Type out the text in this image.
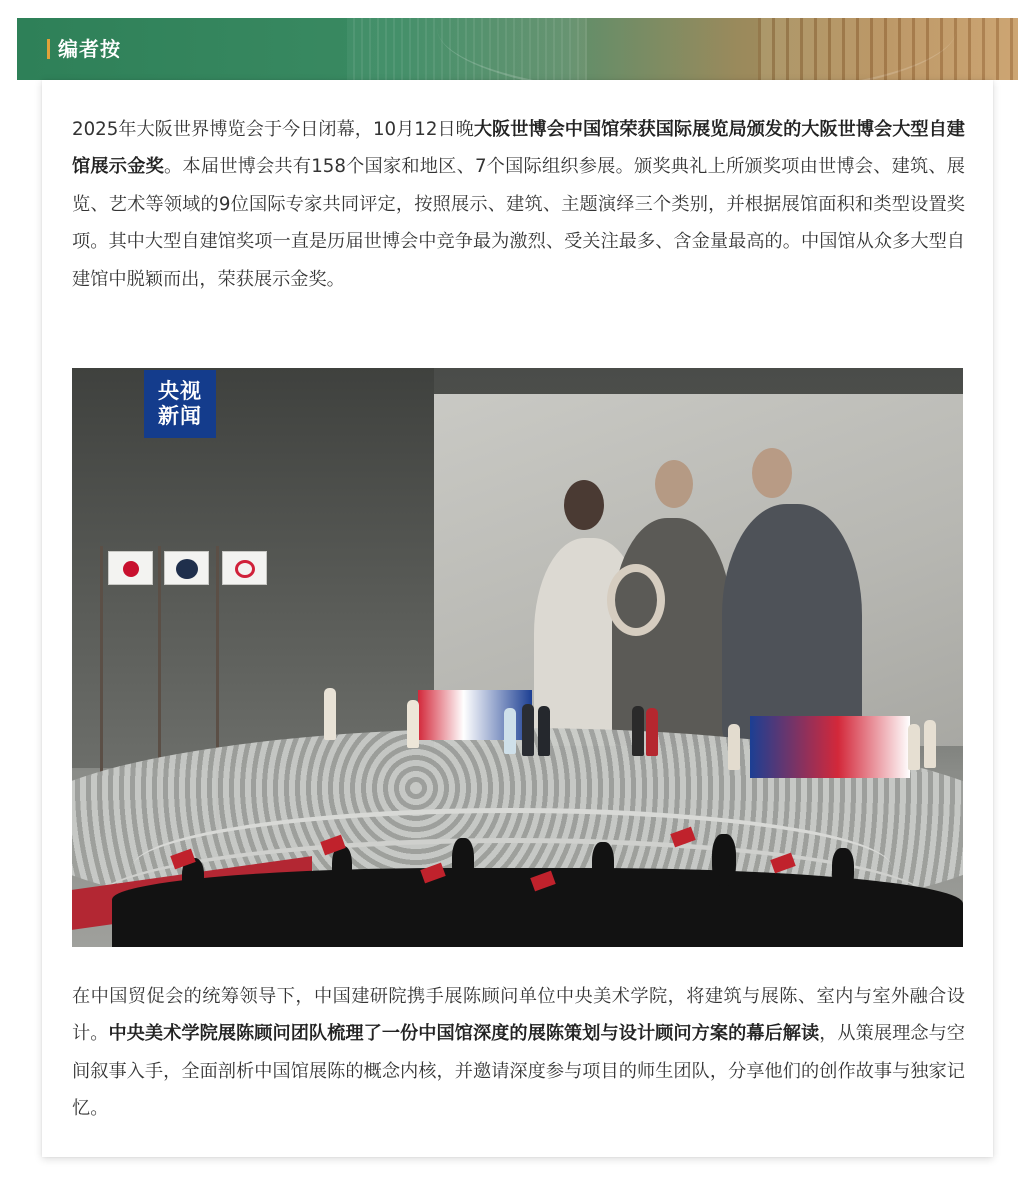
编者按

2025年大阪世界博览会于今日闭幕，10月12日晚大阪世博会中国馆荣获国际展览局颁发的大阪世博会大型自建馆展示金奖。本届世博会共有158个国家和地区、7个国际组织参展。颁奖典礼上所颁奖项由世博会、建筑、展览、艺术等领域的9位国际专家共同评定，按照展示、建筑、主题演绎三个类别，并根据展馆面积和类型设置奖项。其中大型自建馆奖项一直是历届世博会中竞争最为激烈、受关注最多、含金量最高的。中国馆从众多大型自建馆中脱颖而出，荣获展示金奖。

央视
新闻

在中国贸促会的统筹领导下，中国建研院携手展陈顾问单位中央美术学院，将建筑与展陈、室内与室外融合设计。中央美术学院展陈顾问团队梳理了一份中国馆深度的展陈策划与设计顾问方案的幕后解读，从策展理念与空间叙事入手，全面剖析中国馆展陈的概念内核，并邀请深度参与项目的师生团队，分享他们的创作故事与独家记忆。
